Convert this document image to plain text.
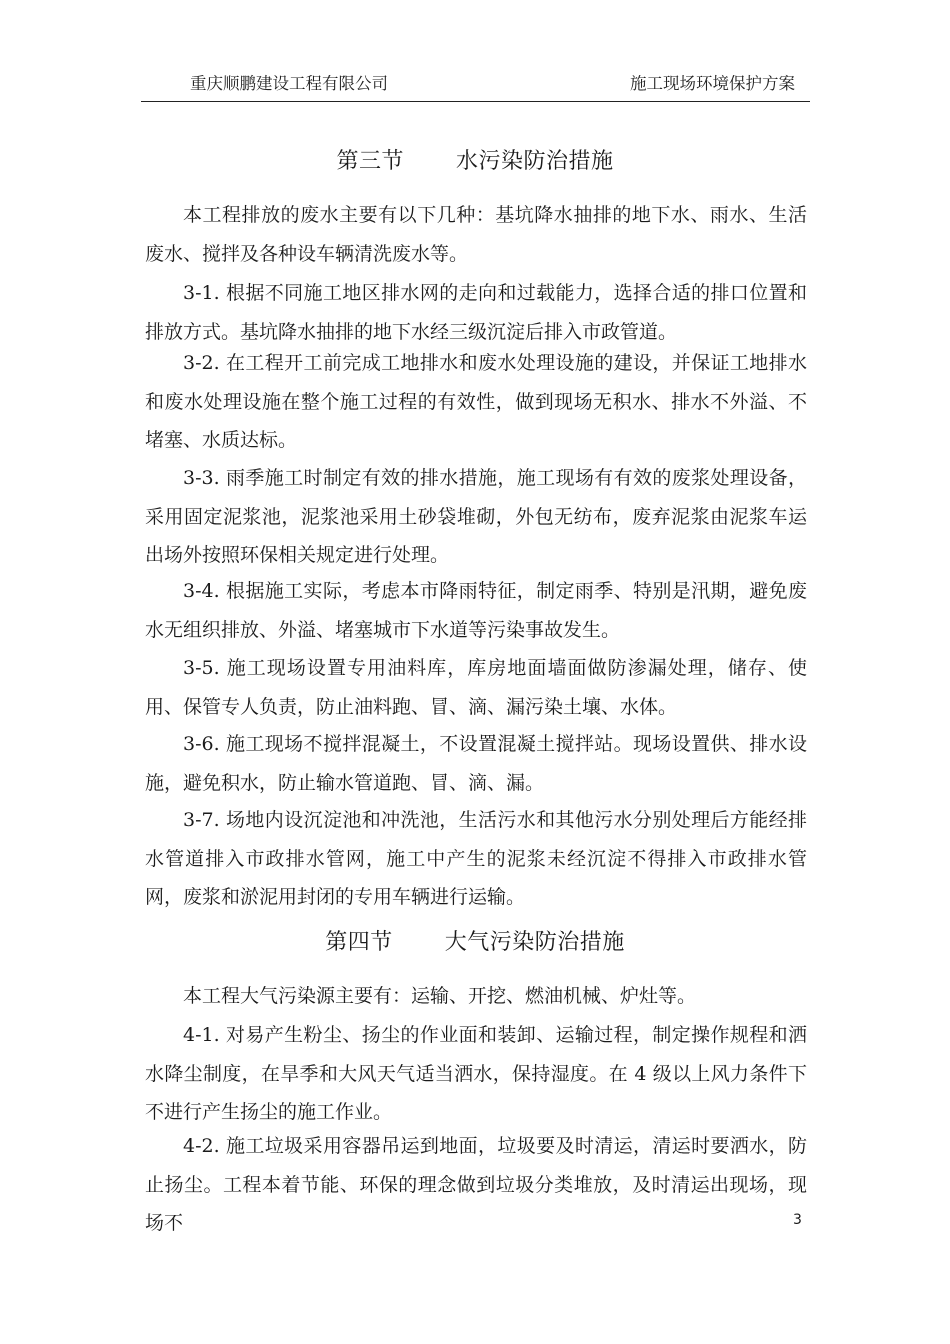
重庆顺鹏建设工程有限公司	施工现场环境保护方案
第三节 水污染防治措施

本工程排放的废水主要有以下几种：基坑降水抽排的地下水、雨水、生活废水、搅拌及各种设车辆清洗废水等。

3-1. 根据不同施工地区排水网的走向和过载能力，选择合适的排口位置和排放方式。基坑降水抽排的地下水经三级沉淀后排入市政管道。

3-2. 在工程开工前完成工地排水和废水处理设施的建设，并保证工地排水和废水处理设施在整个施工过程的有效性，做到现场无积水、排水不外溢、不堵塞、水质达标。

3-3. 雨季施工时制定有效的排水措施，施工现场有有效的废浆处理设备，采用固定泥浆池，泥浆池采用土砂袋堆砌，外包无纺布，废弃泥浆由泥浆车运出场外按照环保相关规定进行处理。

3-4. 根据施工实际，考虑本市降雨特征，制定雨季、特别是汛期，避免废水无组织排放、外溢、堵塞城市下水道等污染事故发生。

3-5. 施工现场设置专用油料库，库房地面墙面做防渗漏处理，储存、使用、保管专人负责，防止油料跑、冒、滴、漏污染土壤、水体。

3-6. 施工现场不搅拌混凝土，不设置混凝土搅拌站。现场设置供、排水设施，避免积水，防止输水管道跑、冒、滴、漏。

3-7. 场地内设沉淀池和冲洗池，生活污水和其他污水分别处理后方能经排水管道排入市政排水管网，施工中产生的泥浆未经沉淀不得排入市政排水管网，废浆和淤泥用封闭的专用车辆进行运输。

第四节 大气污染防治措施

本工程大气污染源主要有：运输、开挖、燃油机械、炉灶等。

4-1. 对易产生粉尘、扬尘的作业面和装卸、运输过程，制定操作规程和洒水降尘制度，在旱季和大风天气适当洒水，保持湿度。在 4 级以上风力条件下不进行产生扬尘的施工作业。

4-2. 施工垃圾采用容器吊运到地面，垃圾要及时清运，清运时要洒水，防止扬尘。工程本着节能、环保的理念做到垃圾分类堆放，及时清运出现场，现场不	3
